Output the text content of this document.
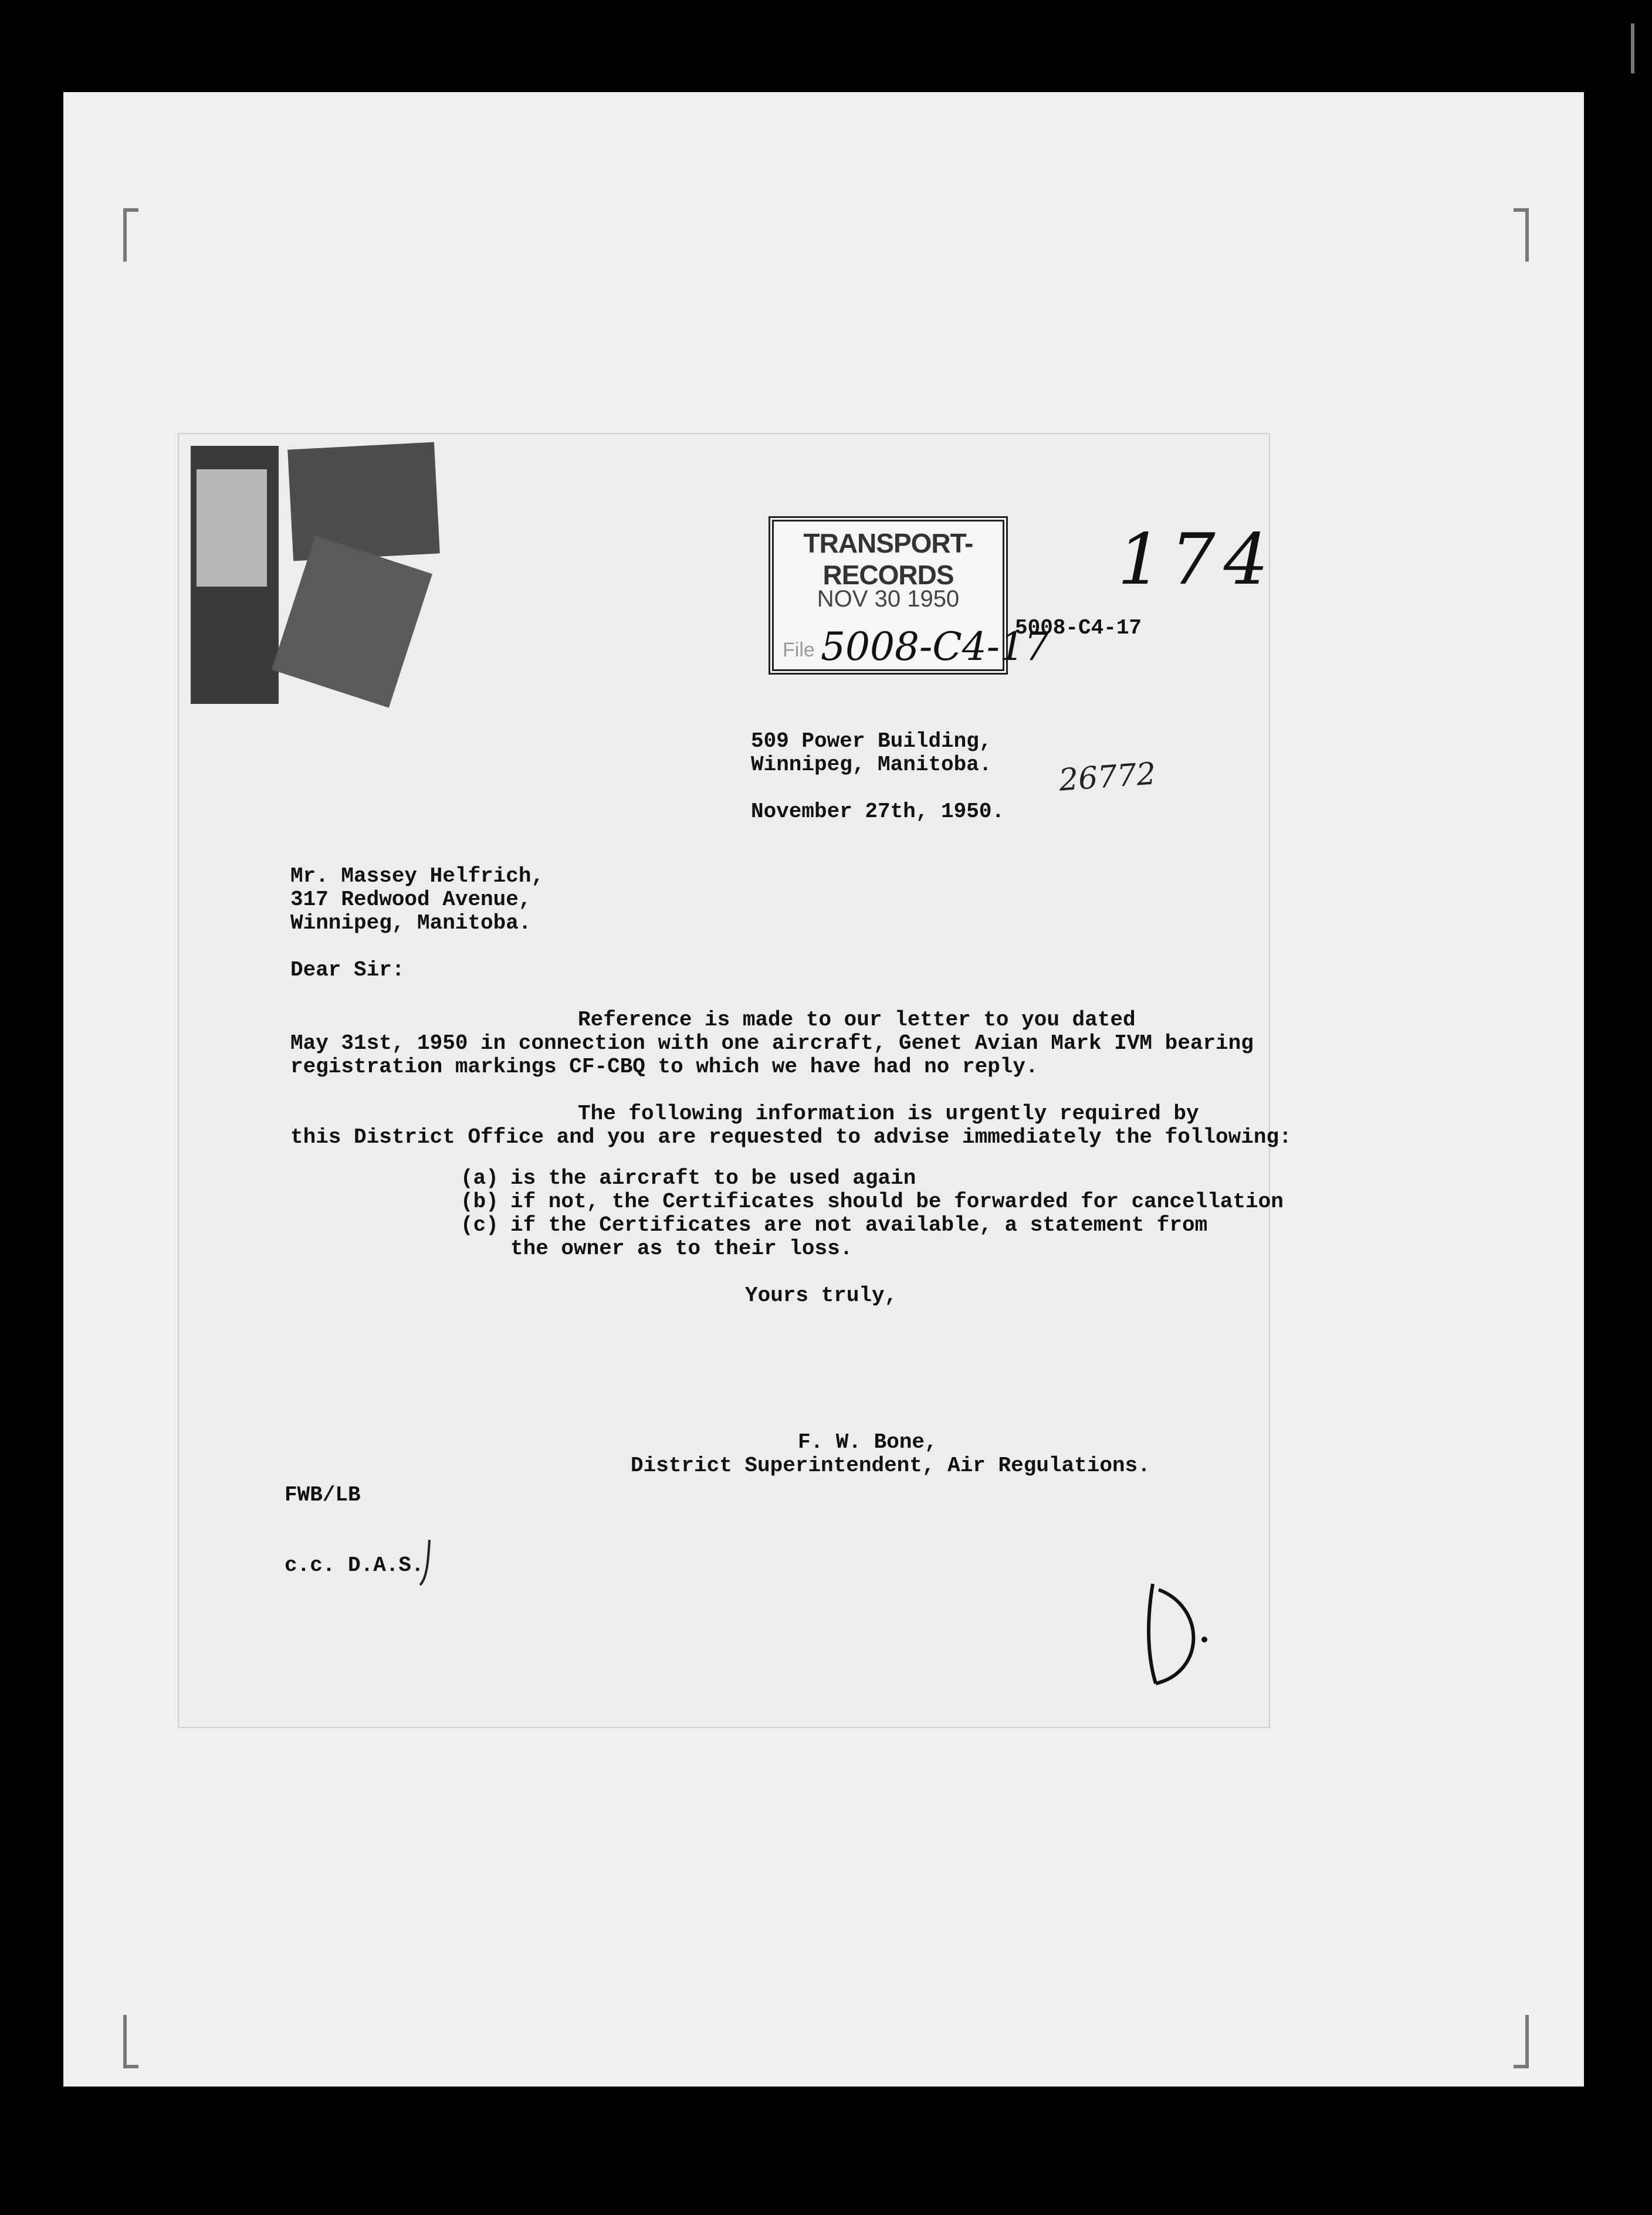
TRANSPORT-RECORDS
NOV 30 1950
File 5008-C4-17
174
5008-C4-17
26772
509 Power Building,
Winnipeg, Manitoba.
November 27th, 1950.
Mr. Massey Helfrich,
317 Redwood Avenue,
Winnipeg, Manitoba.
Dear Sir:
Reference is made to our letter to you dated
May 31st, 1950 in connection with one aircraft, Genet Avian Mark IVM bearing
registration markings CF-CBQ to which we have had no reply.
The following information is urgently required by
this District Office and you are requested to advise immediately the following:
(a) is the aircraft to be used again
(b) if not, the Certificates should be forwarded for cancellation
(c) if the Certificates are not available, a statement from
the owner as to their loss.
Yours truly,
F. W. Bone,
District Superintendent, Air Regulations.
FWB/LB
c.c. D.A.S.
